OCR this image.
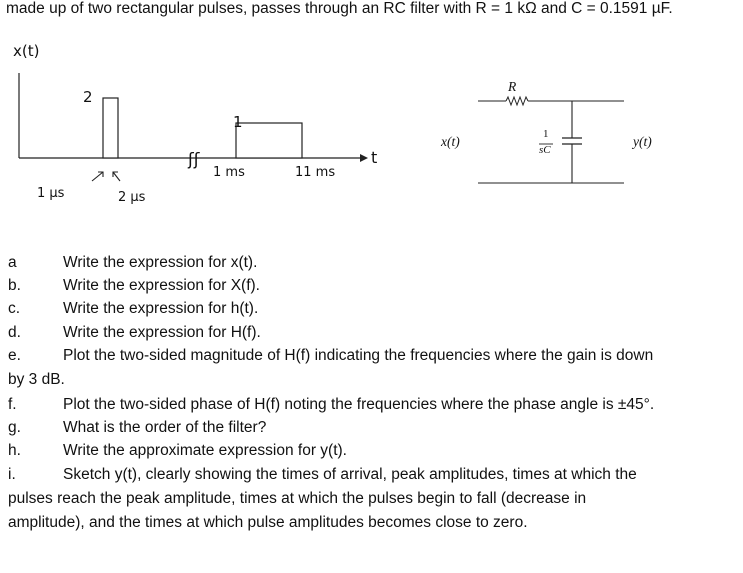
made up of two rectangular pulses, passes through an RC filter with R = 1 kΩ and C = 0.1591 µF.
x(t)
2
1
ʃʃ	t
1 µs	2 µs
1 ms	11 ms
R
x(t)	y(t)
1
sC
a	Write the expression for x(t).
b.	Write the expression for X(f).
c.	Write the expression for h(t).
d.	Write the expression for H(f).
e.	Plot the two-sided magnitude of H(f) indicating the frequencies where the gain is down
by 3 dB.
f.	Plot the two-sided phase of H(f) noting the frequencies where the phase angle is ±45°.
g.	What is the order of the filter?
h.	Write the approximate expression for y(t).
i.	Sketch y(t), clearly showing the times of arrival, peak amplitudes, times at which the
pulses reach the peak amplitude, times at which the pulses begin to fall (decrease in
amplitude), and the times at which pulse amplitudes becomes close to zero.
